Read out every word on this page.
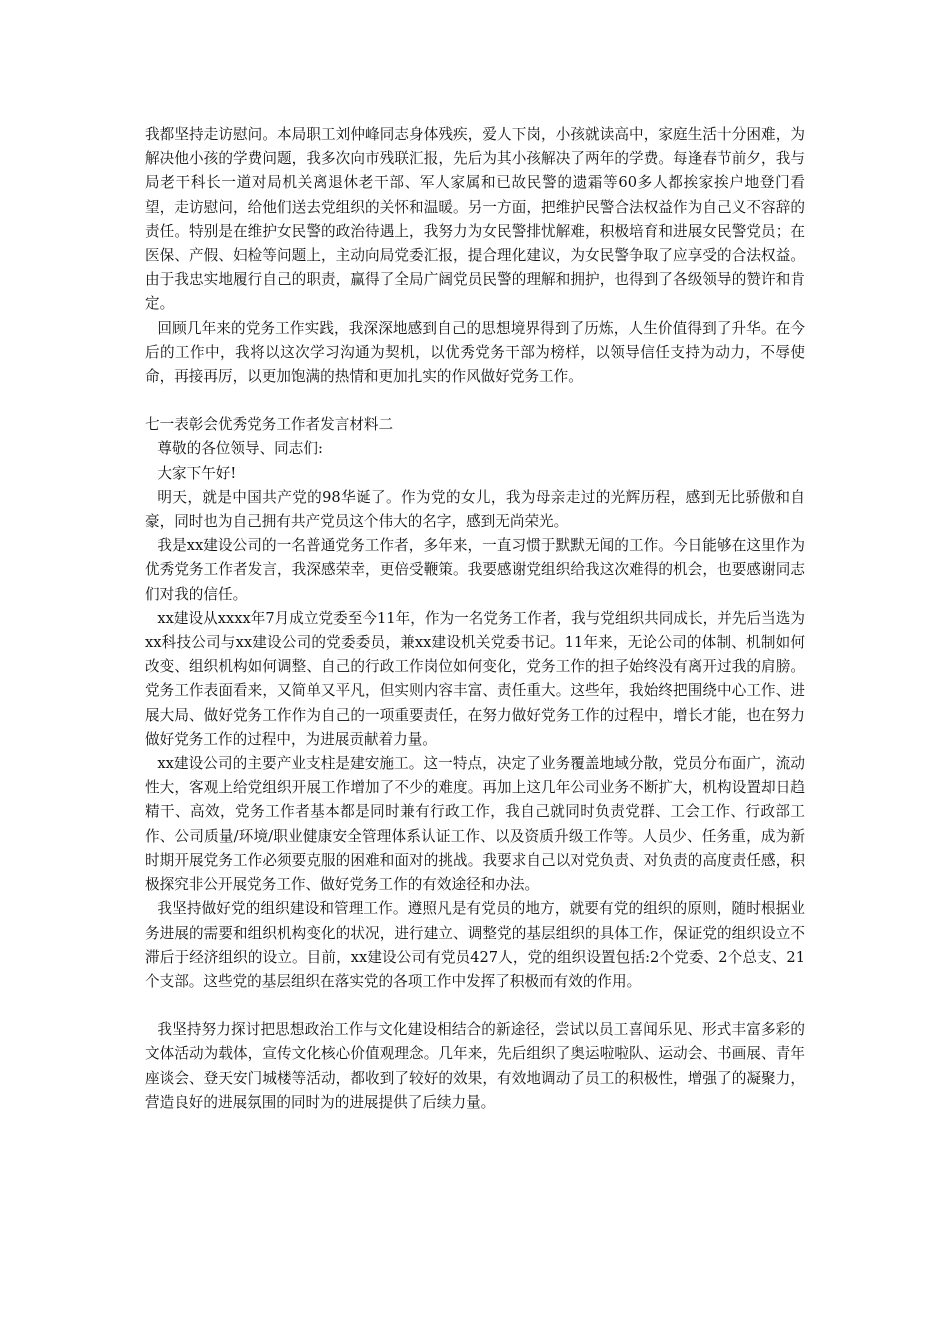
我都坚持走访慰问。本局职工刘仲峰同志身体残疾，爱人下岗，小孩就读高中，家庭生活十分困难，为解决他小孩的学费问题，我多次向市残联汇报，先后为其小孩解决了两年的学费。每逢春节前夕，我与局老干科长一道对局机关离退休老干部、军人家属和已故民警的遗霜等60多人都挨家挨户地登门看望，走访慰问，给他们送去党组织的关怀和温暖。另一方面，把维护民警合法权益作为自己义不容辞的责任。特别是在维护女民警的政治待遇上，我努力为女民警排忧解难，积极培育和进展女民警党员；在医保、产假、妇检等问题上，主动向局党委汇报，提合理化建议，为女民警争取了应享受的合法权益。由于我忠实地履行自己的职责，赢得了全局广阔党员民警的理解和拥护，也得到了各级领导的赞许和肯定。

回顾几年来的党务工作实践，我深深地感到自己的思想境界得到了历炼，人生价值得到了升华。在今后的工作中，我将以这次学习沟通为契机，以优秀党务干部为榜样，以领导信任支持为动力，不辱使命，再接再厉，以更加饱满的热情和更加扎实的作风做好党务工作。

七一表彰会优秀党务工作者发言材料二

尊敬的各位领导、同志们:

大家下午好!

明天，就是中国共产党的98华诞了。作为党的女儿，我为母亲走过的光辉历程，感到无比骄傲和自豪，同时也为自己拥有共产党员这个伟大的名字，感到无尚荣光。

我是xx建设公司的一名普通党务工作者，多年来，一直习惯于默默无闻的工作。今日能够在这里作为优秀党务工作者发言，我深感荣幸，更倍受鞭策。我要感谢党组织给我这次难得的机会，也要感谢同志们对我的信任。

xx建设从xxxx年7月成立党委至今11年，作为一名党务工作者，我与党组织共同成长，并先后当选为xx科技公司与xx建设公司的党委委员，兼xx建设机关党委书记。11年来，无论公司的体制、机制如何改变、组织机构如何调整、自己的行政工作岗位如何变化，党务工作的担子始终没有离开过我的肩膀。党务工作表面看来，又简单又平凡，但实则内容丰富、责任重大。这些年，我始终把围绕中心工作、进展大局、做好党务工作作为自己的一项重要责任，在努力做好党务工作的过程中，增长才能，也在努力做好党务工作的过程中，为进展贡献着力量。

xx建设公司的主要产业支柱是建安施工。这一特点，决定了业务覆盖地域分散，党员分布面广，流动性大，客观上给党组织开展工作增加了不少的难度。再加上这几年公司业务不断扩大，机构设置却日趋精干、高效，党务工作者基本都是同时兼有行政工作，我自己就同时负责党群、工会工作、行政部工作、公司质量/环境/职业健康安全管理体系认证工作、以及资质升级工作等。人员少、任务重，成为新时期开展党务工作必须要克服的困难和面对的挑战。我要求自己以对党负责、对负责的高度责任感，积极探究非公开展党务工作、做好党务工作的有效途径和办法。

我坚持做好党的组织建设和管理工作。遵照凡是有党员的地方，就要有党的组织的原则，随时根据业务进展的需要和组织机构变化的状况，进行建立、调整党的基层组织的具体工作，保证党的组织设立不滞后于经济组织的设立。目前，xx建设公司有党员427人，党的组织设置包括:2个党委、2个总支、21个支部。这些党的基层组织在落实党的各项工作中发挥了积极而有效的作用。

我坚持努力探讨把思想政治工作与文化建设相结合的新途径，尝试以员工喜闻乐见、形式丰富多彩的文体活动为载体，宣传文化核心价值观理念。几年来，先后组织了奥运啦啦队、运动会、书画展、青年座谈会、登天安门城楼等活动，都收到了较好的效果，有效地调动了员工的积极性，增强了的凝聚力，营造良好的进展氛围的同时为的进展提供了后续力量。
